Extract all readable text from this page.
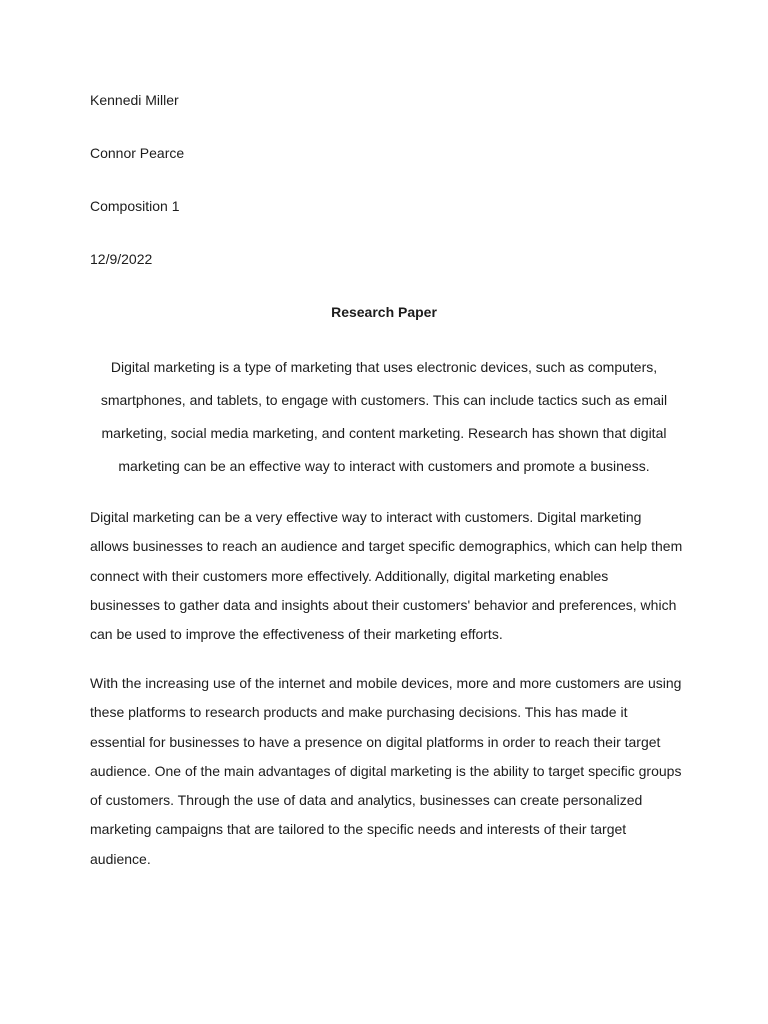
Kennedi Miller
Connor Pearce
Composition 1
12/9/2022
Research Paper

Digital marketing is a type of marketing that uses electronic devices, such as computers,
smartphones, and tablets, to engage with customers. This can include tactics such as email
marketing, social media marketing, and content marketing. Research has shown that digital
marketing can be an effective way to interact with customers and promote a business.

Digital marketing can be a very effective way to interact with customers. Digital marketing
allows businesses to reach an audience and target specific demographics, which can help them
connect with their customers more effectively. Additionally, digital marketing enables
businesses to gather data and insights about their customers' behavior and preferences, which
can be used to improve the effectiveness of their marketing efforts.

With the increasing use of the internet and mobile devices, more and more customers are using
these platforms to research products and make purchasing decisions. This has made it
essential for businesses to have a presence on digital platforms in order to reach their target
audience. One of the main advantages of digital marketing is the ability to target specific groups
of customers. Through the use of data and analytics, businesses can create personalized
marketing campaigns that are tailored to the specific needs and interests of their target
audience.
